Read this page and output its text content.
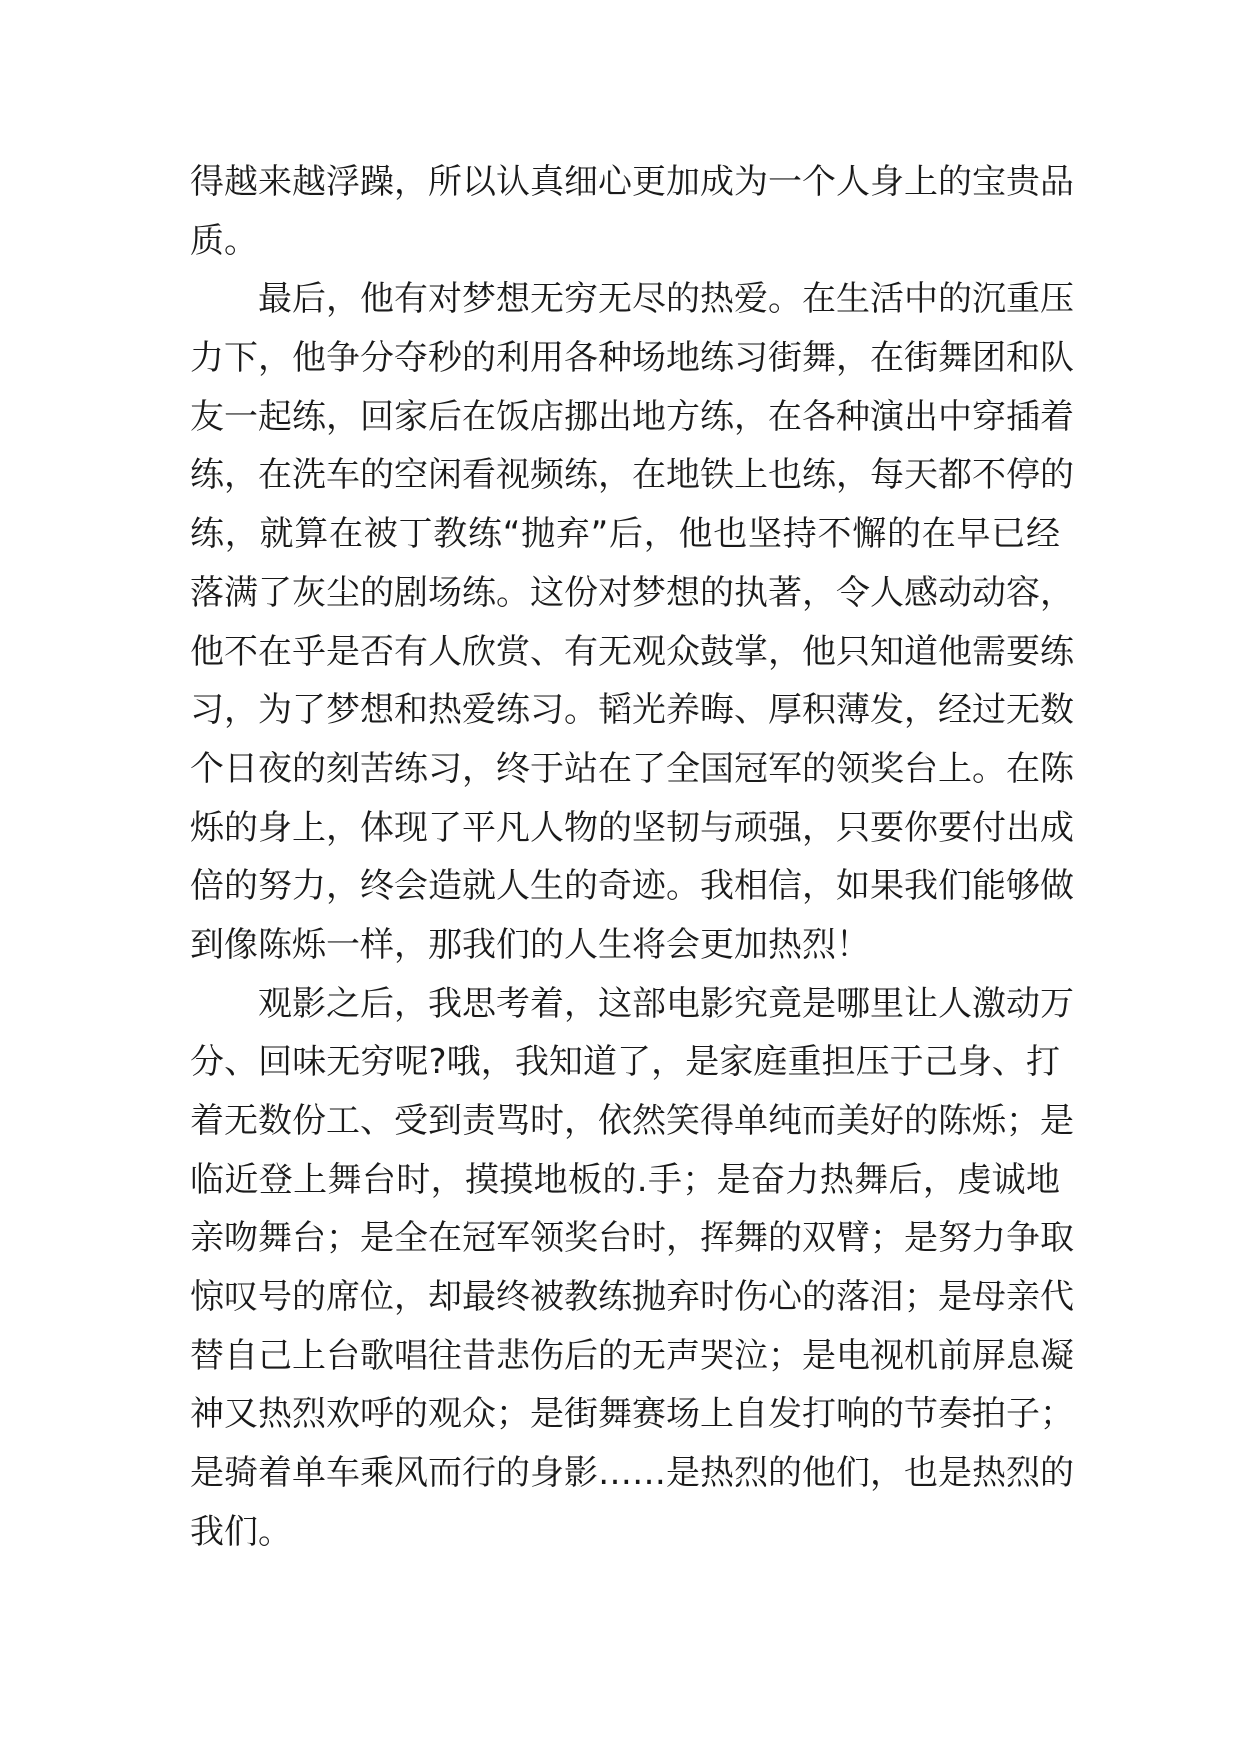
得越来越浮躁，所以认真细心更加成为一个人身上的宝贵品
质。
最后，他有对梦想无穷无尽的热爱。在生活中的沉重压
力下，他争分夺秒的利用各种场地练习街舞，在街舞团和队
友一起练，回家后在饭店挪出地方练，在各种演出中穿插着
练，在洗车的空闲看视频练，在地铁上也练，每天都不停的
练，就算在被丁教练“抛弃”后，他也坚持不懈的在早已经
落满了灰尘的剧场练。这份对梦想的执著，令人感动动容，
他不在乎是否有人欣赏、有无观众鼓掌，他只知道他需要练
习，为了梦想和热爱练习。韬光养晦、厚积薄发，经过无数
个日夜的刻苦练习，终于站在了全国冠军的领奖台上。在陈
烁的身上，体现了平凡人物的坚韧与顽强，只要你要付出成
倍的努力，终会造就人生的奇迹。我相信，如果我们能够做
到像陈烁一样，那我们的人生将会更加热烈！
观影之后，我思考着，这部电影究竟是哪里让人激动万
分、回味无穷呢?哦，我知道了，是家庭重担压于己身、打
着无数份工、受到责骂时，依然笑得单纯而美好的陈烁；是
临近登上舞台时，摸摸地板的.手；是奋力热舞后，虔诚地
亲吻舞台；是全在冠军领奖台时，挥舞的双臂；是努力争取
惊叹号的席位，却最终被教练抛弃时伤心的落泪；是母亲代
替自己上台歌唱往昔悲伤后的无声哭泣；是电视机前屏息凝
神又热烈欢呼的观众；是街舞赛场上自发打响的节奏拍子；
是骑着单车乘风而行的身影……是热烈的他们，也是热烈的
我们。
